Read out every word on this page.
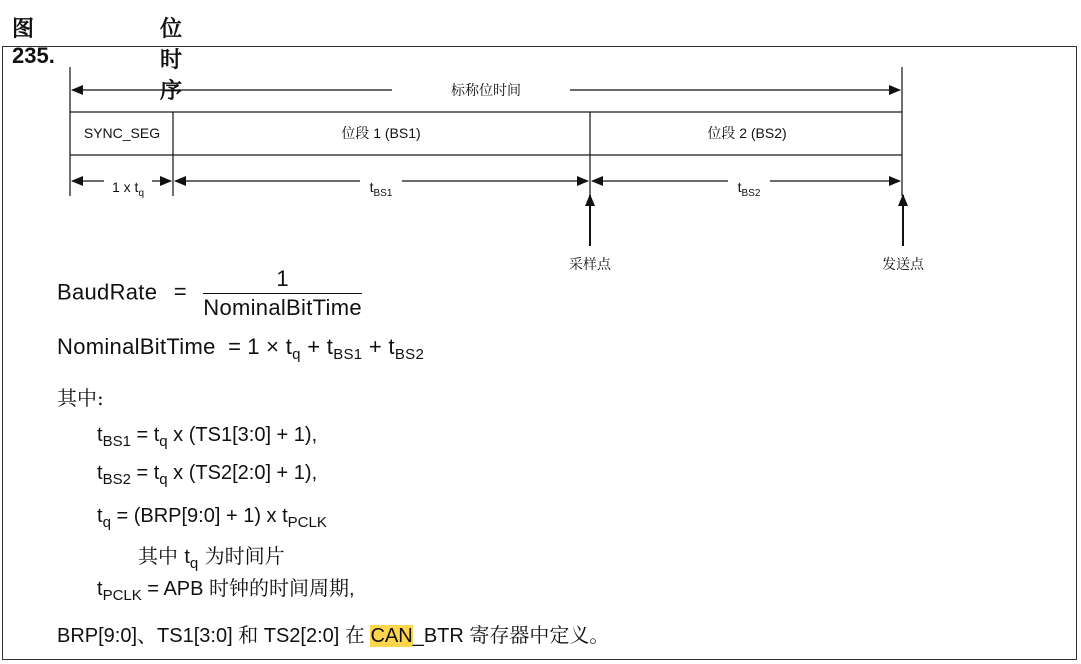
图 235.
位时序	标称位时间
SYNC_SEG	位段 1 (BS1)	位段 2 (BS2)
1 x $t_q$	$t_{BS1}$	$t_{BS2}$
采样点	发送点
BaudRate = $\frac{1}{\text{NominalBitTime}}$
NominalBitTime = $1 \times t_q + t_{BS1} + t_{BS2}$
其中:
$t_{BS1} = t_q$ x (TS1[3:0] + 1),
$t_{BS2} = t_q$ x (TS2[2:0] + 1),
$t_q$ = (BRP[9:0] + 1) x $t_{PCLK}$
其中 $t_q$ 为时间片
$t_{PCLK}$ = APB 时钟的时间周期,
BRP[9:0]、TS1[3:0] 和 TS2[2:0] 在 CAN_BTR 寄存器中定义。
